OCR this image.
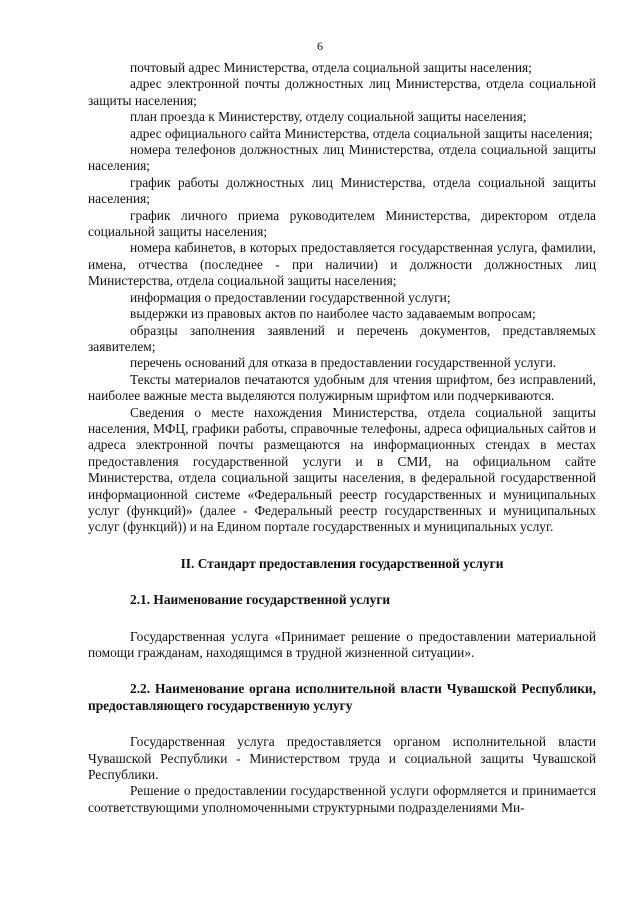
6

почтовый адрес Министерства, отдела социальной защиты населения;

адрес электронной почты должностных лиц Министерства, отдела социальной защиты населения;

план проезда к Министерству, отделу социальной защиты населения;

адрес официального сайта Министерства, отдела социальной защиты населения;

номера телефонов должностных лиц Министерства, отдела социальной защиты населения;

график работы должностных лиц Министерства, отдела социальной защиты населения;

график личного приема руководителем Министерства, директором отдела социальной защиты населения;

номера кабинетов, в которых предоставляется государственная услуга, фамилии, имена, отчества (последнее - при наличии) и должности должностных лиц Министерства, отдела социальной защиты населения;

информация о предоставлении государственной услуги;

выдержки из правовых актов по наиболее часто задаваемым вопросам;

образцы заполнения заявлений и перечень документов, представляемых заявителем;

перечень оснований для отказа в предоставлении государственной услуги.

Тексты материалов печатаются удобным для чтения шрифтом, без исправлений, наиболее важные места выделяются полужирным шрифтом или подчеркиваются.

Сведения о месте нахождения Министерства, отдела социальной защиты населения, МФЦ, графики работы, справочные телефоны, адреса официальных сайтов и адреса электронной почты размещаются на информационных стендах в местах предоставления государственной услуги и в СМИ, на официальном сайте Министерства, отдела социальной защиты населения, в федеральной государственной информационной системе «Федеральный реестр государственных и муниципальных услуг (функций)» (далее - Федеральный реестр государственных и муниципальных услуг (функций)) и на Едином портале государственных и муниципальных услуг.

II. Стандарт предоставления государственной услуги
2.1. Наименование государственной услуги

Государственная услуга «Принимает решение о предоставлении материальной помощи гражданам, находящимся в трудной жизненной ситуации».

2.2. Наименование органа исполнительной власти Чувашской Республики, предоставляющего государственную услугу

Государственная услуга предоставляется органом исполнительной власти Чувашской Республики - Министерством труда и социальной защиты Чувашской Республики.

Решение о предоставлении государственной услуги оформляется и принимается соответствующими уполномоченными структурными подразделениями Ми-
